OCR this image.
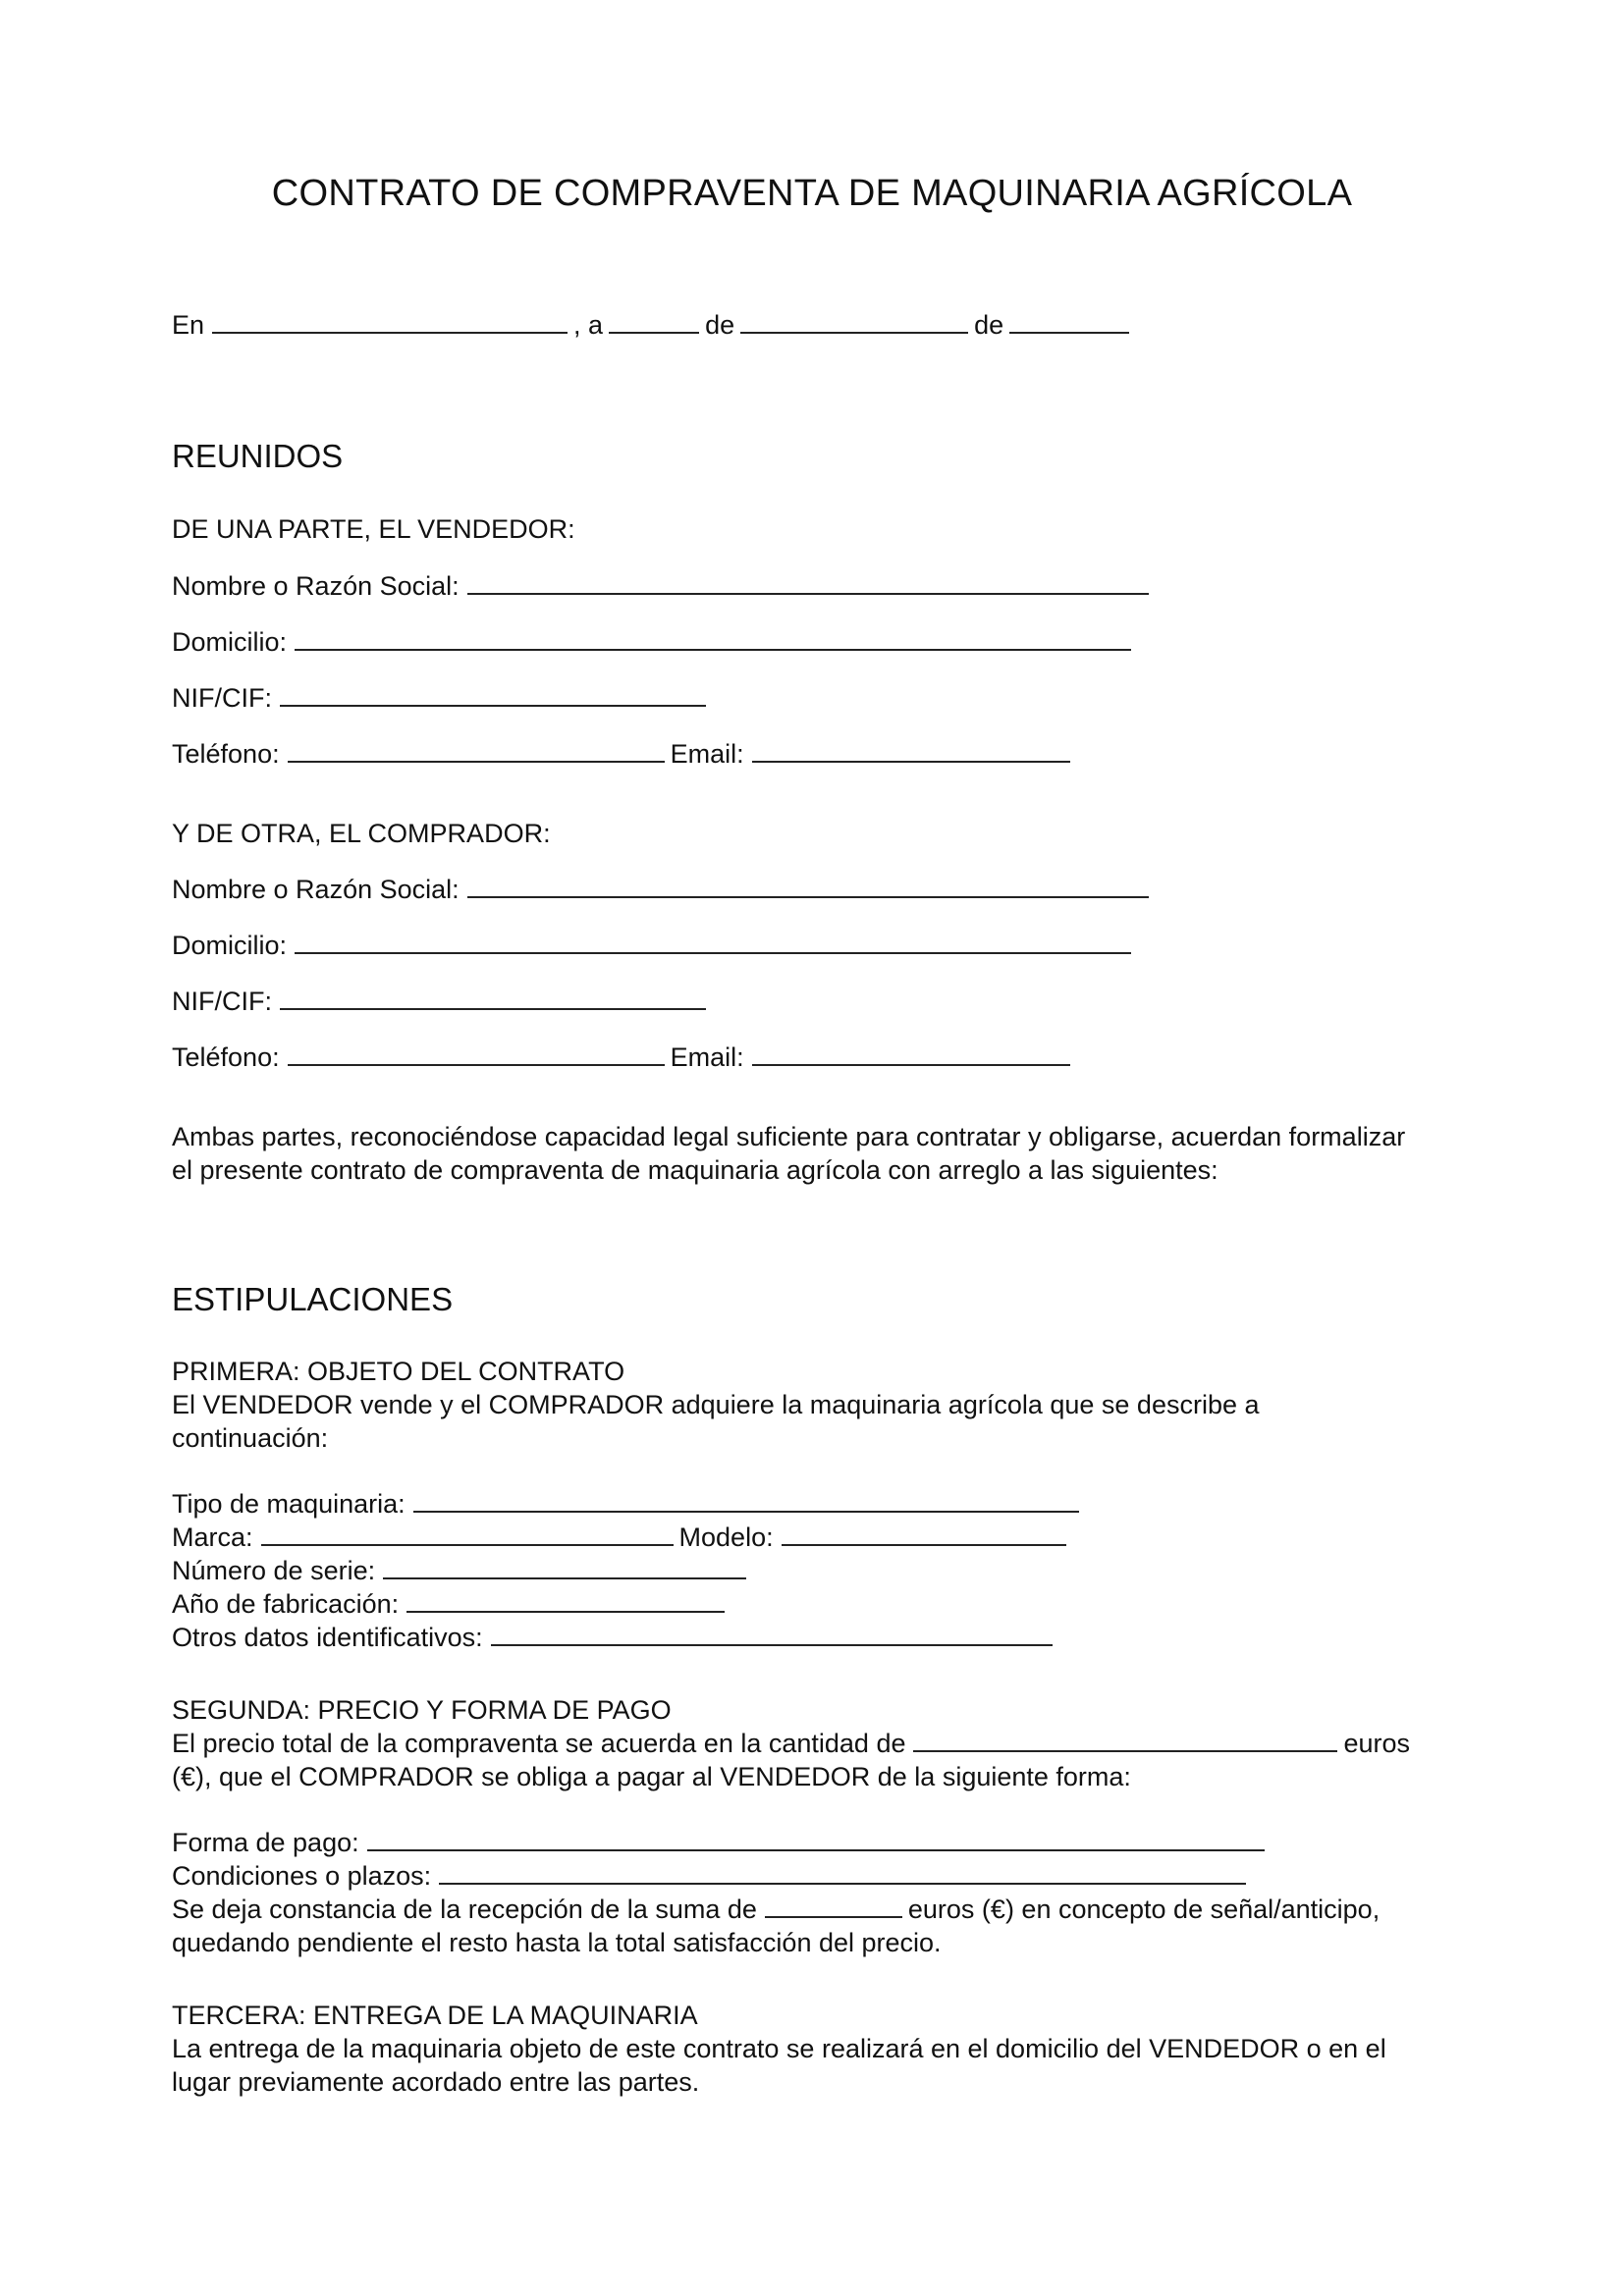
CONTRATO DE COMPRAVENTA DE MAQUINARIA AGRÍCOLA
En	, a	de	de
REUNIDOS
DE UNA PARTE, EL VENDEDOR:
Nombre o Razón Social:
Domicilio:
NIF/CIF:
Teléfono:	Email:
Y DE OTRA, EL COMPRADOR:
Nombre o Razón Social:
Domicilio:
NIF/CIF:
Teléfono:	Email:
Ambas partes, reconociéndose capacidad legal suficiente para contratar y obligarse, acuerdan formalizar
el presente contrato de compraventa de maquinaria agrícola con arreglo a las siguientes:
ESTIPULACIONES
PRIMERA: OBJETO DEL CONTRATO
El VENDEDOR vende y el COMPRADOR adquiere la maquinaria agrícola que se describe a
continuación:
Tipo de maquinaria:
Marca:	Modelo:
Número de serie:
Año de fabricación:
Otros datos identificativos:
SEGUNDA: PRECIO Y FORMA DE PAGO
El precio total de la compraventa se acuerda en la cantidad de	euros
(€), que el COMPRADOR se obliga a pagar al VENDEDOR de la siguiente forma:
Forma de pago:
Condiciones o plazos:
Se deja constancia de la recepción de la suma de	euros (€) en concepto de señal/anticipo,
quedando pendiente el resto hasta la total satisfacción del precio.
TERCERA: ENTREGA DE LA MAQUINARIA
La entrega de la maquinaria objeto de este contrato se realizará en el domicilio del VENDEDOR o en el
lugar previamente acordado entre las partes.
